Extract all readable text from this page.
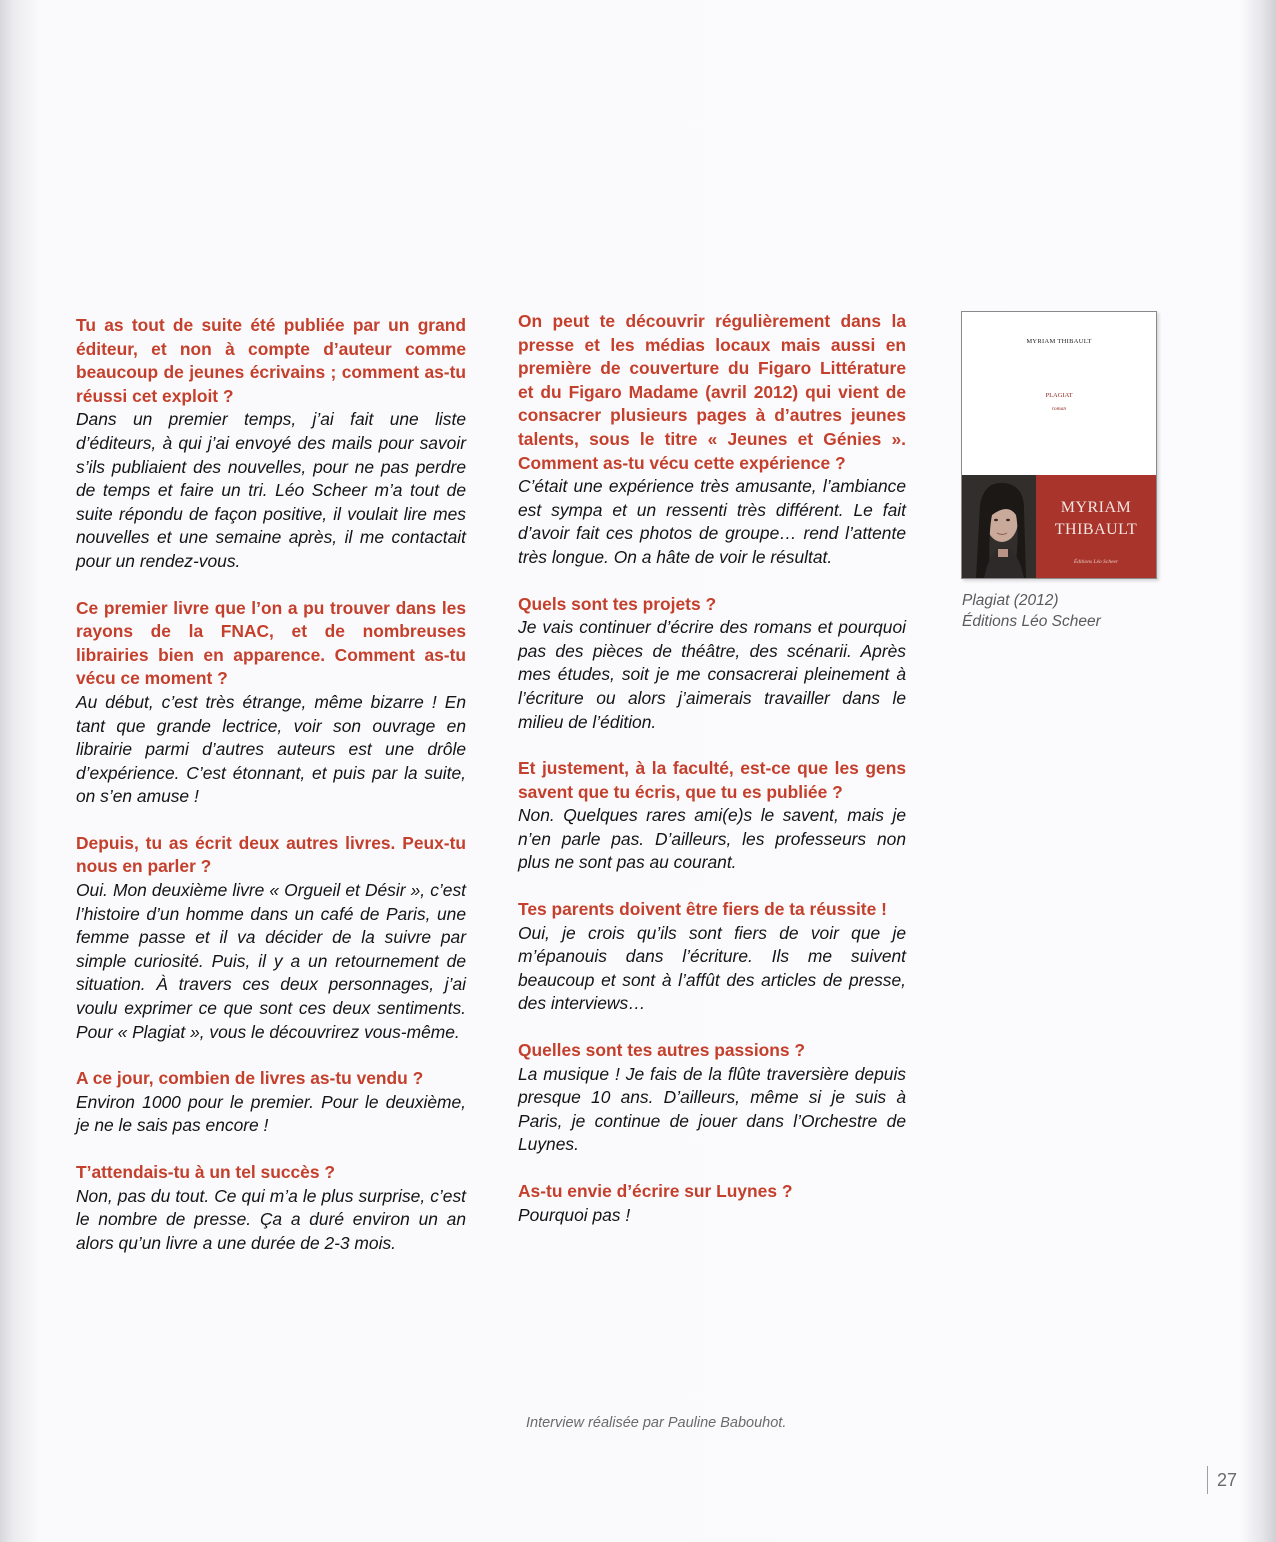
Tu as tout de suite été publiée par un grand éditeur, et non à compte d’auteur comme beaucoup de jeunes écrivains ; comment as-tu réussi cet exploit ?

Dans un premier temps, j’ai fait une liste d’éditeurs, à qui j’ai envoyé des mails pour savoir s’ils publiaient des nouvelles, pour ne pas perdre de temps et faire un tri. Léo Scheer m’a tout de suite répondu de façon positive, il voulait lire mes nouvelles et une semaine après, il me contactait pour un rendez-vous.

Ce premier livre que l’on a pu trouver dans les rayons de la FNAC, et de nombreuses librairies bien en apparence. Comment as-tu vécu ce moment ?

Au début, c’est très étrange, même bizarre ! En tant que grande lectrice, voir son ouvrage en librairie parmi d’autres auteurs est une drôle d’expérience. C’est étonnant, et puis par la suite, on s’en amuse !

Depuis, tu as écrit deux autres livres. Peux-tu nous en parler ?

Oui. Mon deuxième livre « Orgueil et Désir », c’est l’histoire d’un homme dans un café de Paris, une femme passe et il va décider de la suivre par simple curiosité. Puis, il y a un retournement de situation. À travers ces deux personnages, j’ai voulu exprimer ce que sont ces deux sentiments. Pour « Plagiat », vous le découvrirez vous-même.

A ce jour, combien de livres as-tu vendu ?

Environ 1000 pour le premier. Pour le deuxième, je ne le sais pas encore !

T’attendais-tu à un tel succès ?

Non, pas du tout. Ce qui m’a le plus surprise, c’est le nombre de presse. Ça a duré environ un an alors qu’un livre a une durée de 2-3 mois.

On peut te découvrir régulièrement dans la presse et les médias locaux mais aussi en première de couverture du Figaro Littérature et du Figaro Madame (avril 2012) qui vient de consacrer plusieurs pages à d’autres jeunes talents, sous le titre « Jeunes et Génies ». Comment as-tu vécu cette expérience ?

C’était une expérience très amusante, l’ambiance est sympa et un ressenti très différent. Le fait d’avoir fait ces photos de groupe… rend l’attente très longue. On a hâte de voir le résultat.

Quels sont tes projets ?

Je vais continuer d’écrire des romans et pourquoi pas des pièces de théâtre, des scénarii. Après mes études, soit je me consacrerai pleinement à l’écriture ou alors j’aimerais travailler dans le milieu de l’édition.

Et justement, à la faculté, est-ce que les gens savent que tu écris, que tu es publiée ?

Non. Quelques rares ami(e)s le savent, mais je n’en parle pas. D’ailleurs, les professeurs non plus ne sont pas au courant.

Tes parents doivent être fiers de ta réussite !

Oui, je crois qu’ils sont fiers de voir que je m’épanouis dans l’écriture. Ils me suivent beaucoup et sont à l’affût des articles de presse, des interviews…

Quelles sont tes autres passions ?

La musique ! Je fais de la flûte traversière depuis presque 10 ans. D’ailleurs, même si je suis à Paris, je continue de jouer dans l’Orchestre de Luynes.

As-tu envie d’écrire sur Luynes ?

Pourquoi pas !

MYRIAM THIBAULT
PLAGIAT
roman
MYRIAM
THIBAULT
Éditions Léo Scheer
Plagiat (2012)
Éditions Léo Scheer
Interview réalisée par Pauline Babouhot.
27
